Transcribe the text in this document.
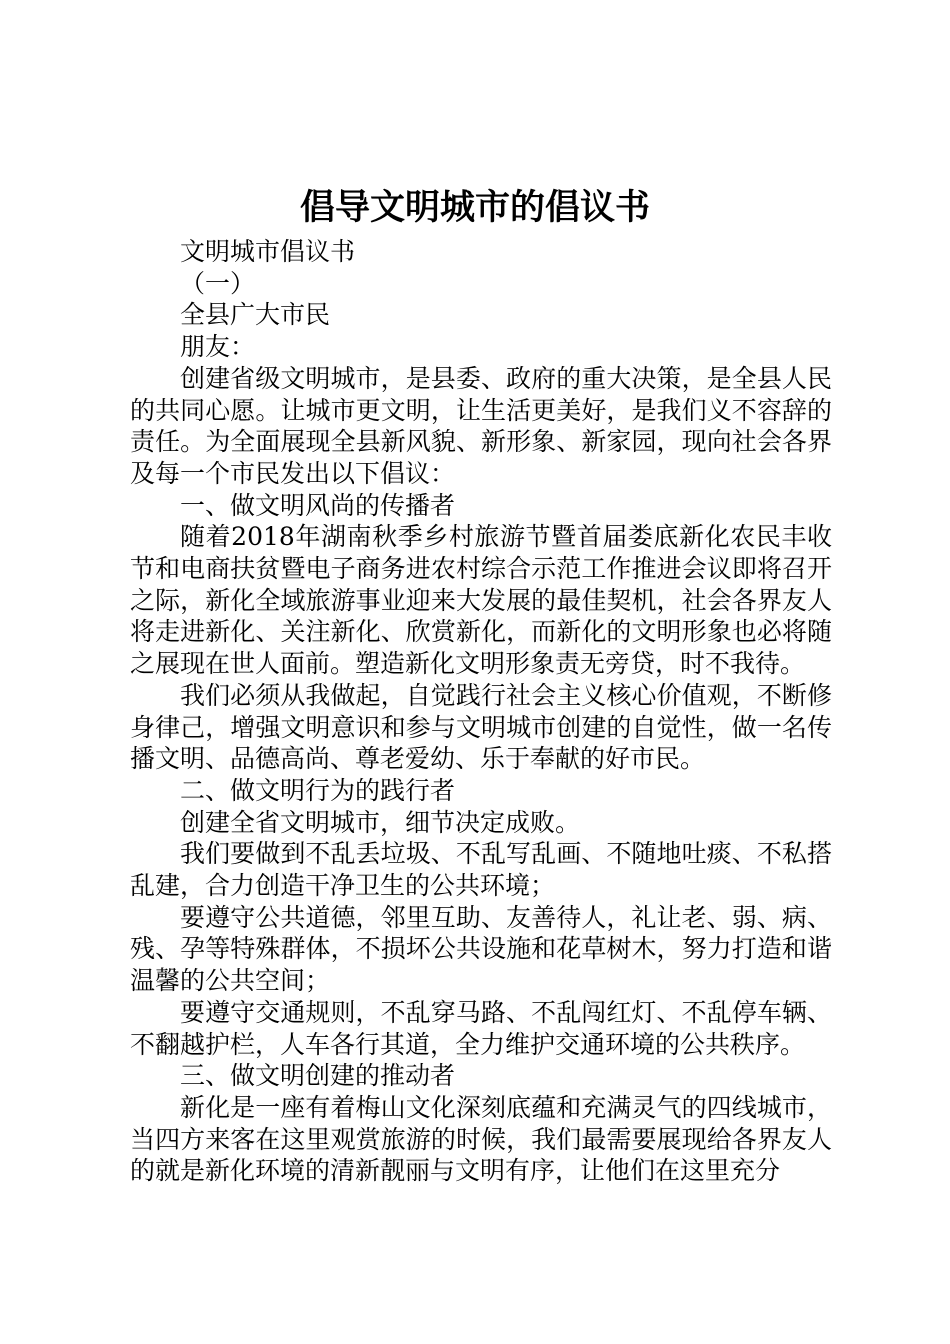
倡导文明城市的倡议书

文明城市倡议书

（一）

全县广大市民

朋友：

创建省级文明城市，是县委、政府的重大决策，是全县人民的共同心愿。让城市更文明，让生活更美好，是我们义不容辞的责任。为全面展现全县新风貌、新形象、新家园，现向社会各界及每一个市民发出以下倡议：

一、做文明风尚的传播者

随着2018年湖南秋季乡村旅游节暨首届娄底新化农民丰收节和电商扶贫暨电子商务进农村综合示范工作推进会议即将召开之际，新化全域旅游事业迎来大发展的最佳契机，社会各界友人将走进新化、关注新化、欣赏新化，而新化的文明形象也必将随之展现在世人面前。塑造新化文明形象责无旁贷，时不我待。

我们必须从我做起，自觉践行社会主义核心价值观，不断修身律己，增强文明意识和参与文明城市创建的自觉性，做一名传播文明、品德高尚、尊老爱幼、乐于奉献的好市民。

二、做文明行为的践行者

创建全省文明城市，细节决定成败。

我们要做到不乱丢垃圾、不乱写乱画、不随地吐痰、不私搭乱建，合力创造干净卫生的公共环境；

要遵守公共道德，邻里互助、友善待人，礼让老、弱、病、残、孕等特殊群体，不损坏公共设施和花草树木，努力打造和谐温馨的公共空间；

要遵守交通规则，不乱穿马路、不乱闯红灯、不乱停车辆、不翻越护栏，人车各行其道，全力维护交通环境的公共秩序。

三、做文明创建的推动者

新化是一座有着梅山文化深刻底蕴和充满灵气的四线城市，当四方来客在这里观赏旅游的时候，我们最需要展现给各界友人的就是新化环境的清新靓丽与文明有序，让他们在这里充分
